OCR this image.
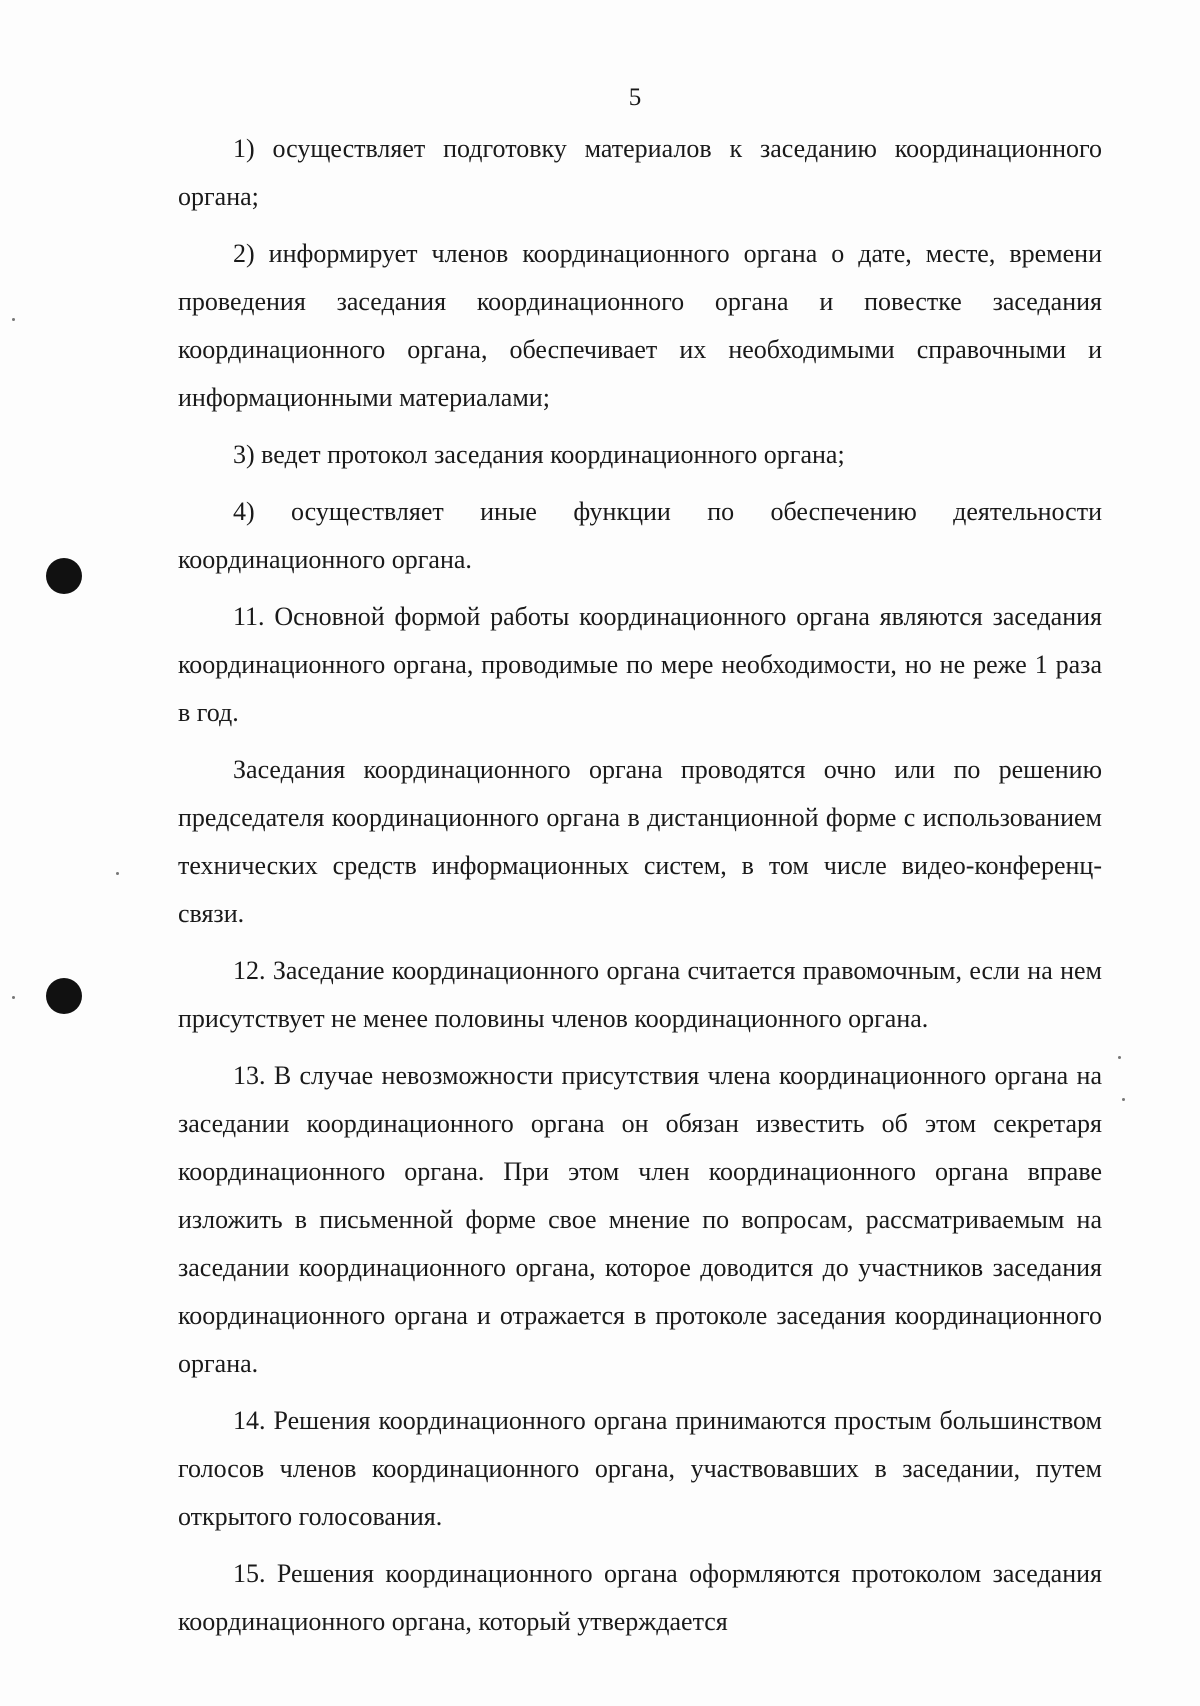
5

1) осуществляет подготовку материалов к заседанию координационного органа;

2) информирует членов координационного органа о дате, месте, времени проведения заседания координационного органа и повестке заседания координационного органа, обеспечивает их необходимыми справочными и информационными материалами;

3) ведет протокол заседания координационного органа;

4) осуществляет иные функции по обеспечению деятельности координационного органа.

11. Основной формой работы координационного органа являются заседания координационного органа, проводимые по мере необходимости, но не реже 1 раза в год.

Заседания координационного органа проводятся очно или по решению председателя координационного органа в дистанционной форме с использованием технических средств информационных систем, в том числе видео-конференц-связи.

12. Заседание координационного органа считается правомочным, если на нем присутствует не менее половины членов координационного органа.

13. В случае невозможности присутствия члена координационного органа на заседании координационного органа он обязан известить об этом секретаря координационного органа. При этом член координационного органа вправе изложить в письменной форме свое мнение по вопросам, рассматриваемым на заседании координационного органа, которое доводится до участников заседания координационного органа и отражается в протоколе заседания координационного органа.

14. Решения координационного органа принимаются простым большинством голосов членов координационного органа, участвовавших в заседании, путем открытого голосования.

15. Решения координационного органа оформляются протоколом заседания координационного органа, который утверждается
